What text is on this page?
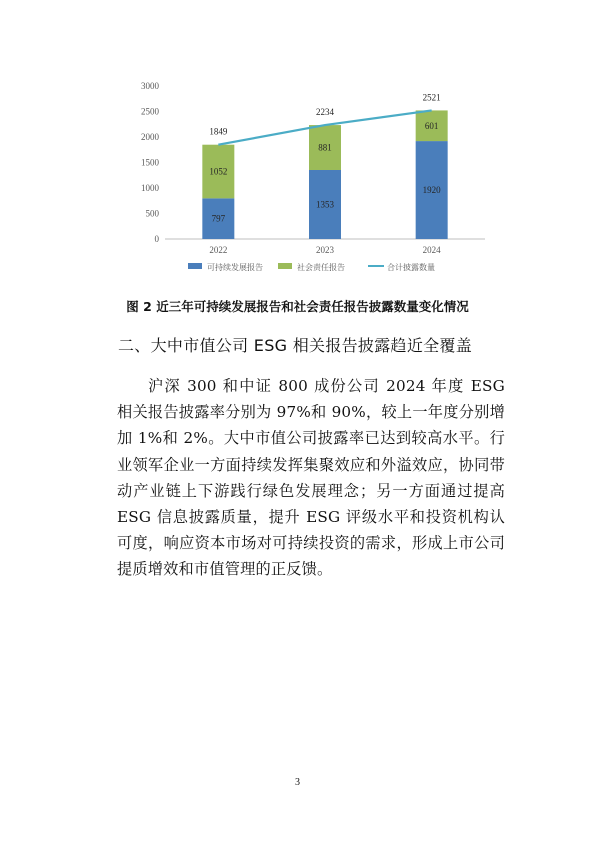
0
500
1000
1500
2000
2500
3000
797
1052
2022
1353
881
2023
1920
601
2024
1849
2234
2521
可持续发展报告	社会责任报告	合计披露数量
图 2 近三年可持续发展报告和社会责任报告披露数量变化情况
二、大中市值公司 ESG 相关报告披露趋近全覆盖

沪深 300 和中证 800 成份公司 2024 年度 ESG 相关报告披露率分别为 97%和 90%，较上一年度分别增加 1%和 2%。大中市值公司披露率已达到较高水平。行业领军企业一方面持续发挥集聚效应和外溢效应，协同带动产业链上下游践行绿色发展理念；另一方面通过提高 ESG 信息披露质量，提升 ESG 评级水平和投资机构认可度，响应资本市场对可持续投资的需求，形成上市公司提质增效和市值管理的正反馈。

3
